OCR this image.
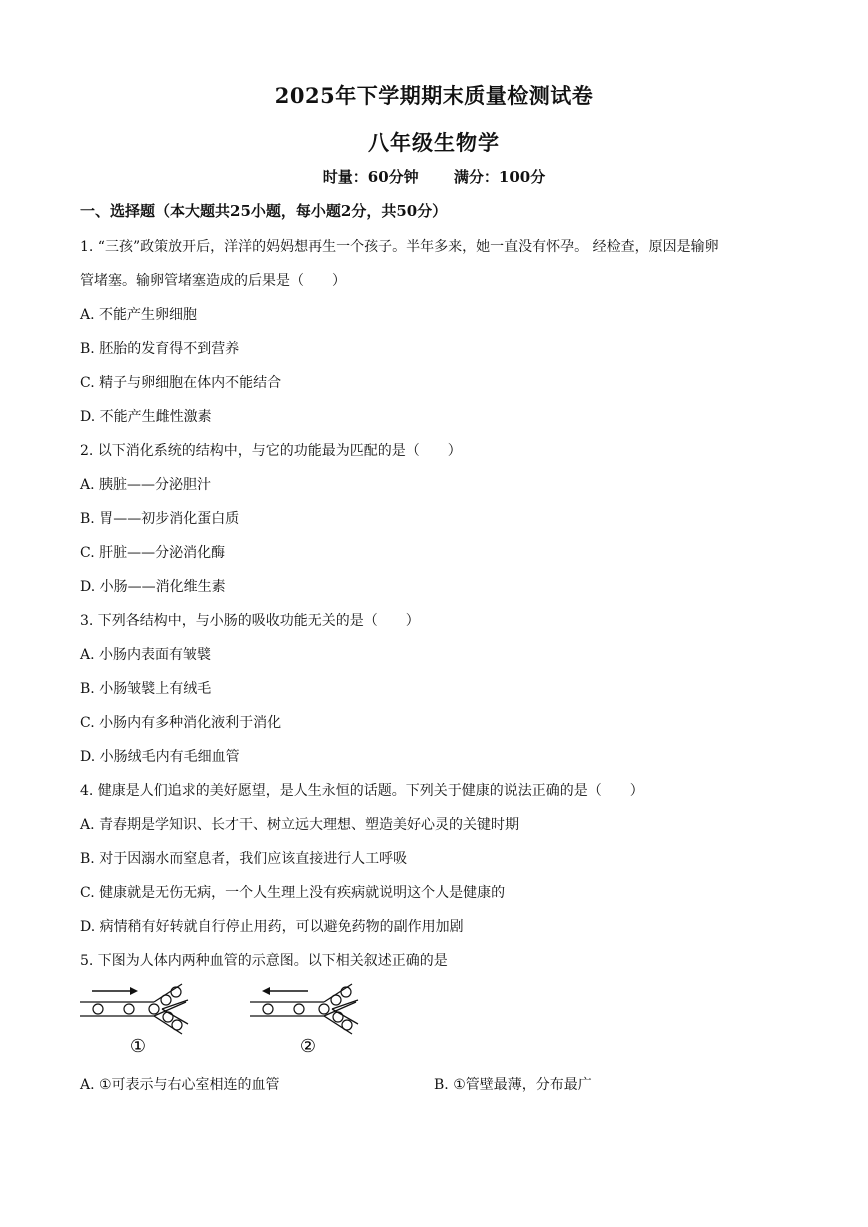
2025年下学期期末质量检测试卷
八年级生物学
时量：60分钟 满分：100分
一、选择题（本大题共25小题，每小题2分，共50分）
1. “三孩”政策放开后，洋洋的妈妈想再生一个孩子。半年多来，她一直没有怀孕。 经检查，原因是输卵
管堵塞。输卵管堵塞造成的后果是（　　）
A. 不能产生卵细胞
B. 胚胎的发育得不到营养
C. 精子与卵细胞在体内不能结合
D. 不能产生雌性激素
2. 以下消化系统的结构中，与它的功能最为匹配的是（　　）
A. 胰脏——分泌胆汁
B. 胃——初步消化蛋白质
C. 肝脏——分泌消化酶
D. 小肠——消化维生素
3. 下列各结构中，与小肠的吸收功能无关的是（　　）
A. 小肠内表面有皱襞
B. 小肠皱襞上有绒毛
C. 小肠内有多种消化液利于消化
D. 小肠绒毛内有毛细血管
4. 健康是人们追求的美好愿望，是人生永恒的话题。下列关于健康的说法正确的是（　　）
A. 青春期是学知识、长才干、树立远大理想、塑造美好心灵的关键时期
B. 对于因溺水而窒息者，我们应该直接进行人工呼吸
C. 健康就是无伤无病，一个人生理上没有疾病就说明这个人是健康的
D. 病情稍有好转就自行停止用药，可以避免药物的副作用加剧
5. 下图为人体内两种血管的示意图。以下相关叙述正确的是
①	②
A. ①可表示与右心室相连的血管	B. ①管壁最薄，分布最广
